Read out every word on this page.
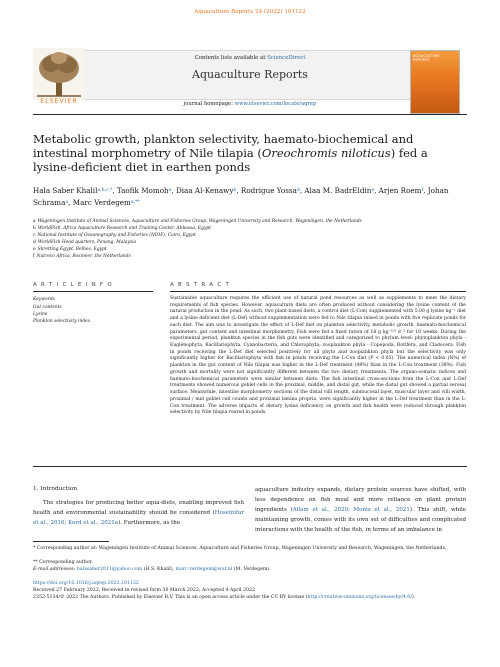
Aquaculture Reports 24 (2022) 101122
ELSEVIER
Contents lists available at ScienceDirect
Aquaculture Reports
journal homepage: www.elsevier.com/locate/aqrep
AQUACULTURE REPORTS
Metabolic growth, plankton selectivity, haemato-biochemical and intestinal morphometry of Nile tilapia (Oreochromis niloticus) fed a lysine-deficient diet in earthen ponds
Hala Saber Khalil$^{a,b,c,*}$, Taofik Momoh$^a$, Diaa Al-Kenawy$^b$, Rodrigue Yossa$^d$, Alaa M. BadrEldin$^e$, Arjen Roem$^f$, Johan Schrama$^a$, Marc Verdegem$^{a,**}$
a Wageningen Institute of Animal Sciences, Aquaculture and Fisheries Group, Wageningen University and Research, Wageningen, the Netherlands
b WorldFish, Africa Aquaculture Research and Training Center, Abbassa, Egypt
c National Institute of Oceanography and Fisheries (NIOF), Cairo, Egypt
d WorldFish Head quarters, Penang, Malaysia
e Skretting Egypt, Belbes, Egypt
f Nutreco Africa, Boxmeer, the Netherlands
A R T I C L E I N F O
Keywords
Gut contents
Lysine
Plankton selectivity index
A B S T R A C T
Sustainable aquaculture requires the efficient use of natural pond resources as well as supplements to meet the dietary requirements of fish species. However, aquaculture diets are often produced without considering the lysine content of the natural production in the pond. As such, two plant-based diets, a control diet (L-Con) supplemented with 5.00 g lysine kg⁻¹ diet and a lysine deficient diet (L-Def) without supplementation were fed to Nile tilapia raised in ponds with five replicate ponds for each diet. The aim was to investigate the effect of L-Def diet on plankton selectivity, metabolic growth, haemato-biochemical parameters, gut content and intestinal morphometry. Fish were fed a fixed ration of 18 g kg⁻⁰·⁸ d⁻¹ for 10 weeks. During the experimental period, plankton species in the fish guts were identified and categorized to phylum level: phytoplankton phyla - Euglenophyta, Bacillariophyta, Cyanobacteria, and Chlorophyta; zooplankton phyla - Copepoda, Rotifera, and Cladocera. Fish in ponds receiving the L-Def diet selected positively for all phyto and zooplankton phyla but the selectivity was only significantly higher for Bacillariophyta with fish in ponds receiving the L-Con diet (P < 0.05). The numerical index (N%) of plankton in the gut content of Nile tilapia was higher in the L-Def treatment (48%) than in the L-Con treatment (38%). Fish growth and mortality were not significantly different between the two dietary treatments. The organo-somatic indices and haemato-biochemical parameters were similar between diets. The fish intestinal cross-sections from the L-Con and L-Def treatments showed numerous goblet cells in the proximal, middle, and distal gut, while the distal gut showed a partial serosal surface. Meanwhile, intestine morphometry sections of the distal villi length, submucosal layer, muscular layer and villi width, proximal / mid goblet cell counts and proximal lamina propria, were significantly higher in the L-Def treatment than in the L-Con treatment. The adverse impacts of dietary lysine deficiency on growth and fish health were reduced through plankton selectivity by Nile tilapia reared in ponds.
1. Introduction
The strategies for producing better aqua-diets, enabling improved fish health and environmental sustainability should be considered (Hoseinifar et al., 2016; Kord et al., 2021a). Furthermore, as the
aquaculture industry expands, dietary protein sources have shifted, with less dependence on fish meal and more reliance on plant protein ingredients (Allam et al., 2020; Moniz et al., 2021). This shift, while maintaining growth, comes with its own set of difficulties and complicated interactions with the health of the fish, in terms of an imbalance in
* Corresponding author at: Wageningen Institute of Animal Sciences, Aquaculture and Fisheries Group, Wageningen University and Research, Wageningen, the Netherlands.
** Corresponding author.
E-mail addresses: halasaber2011@yahoo.com (H.S. Khalil), marc.verdegem@wur.nl (M. Verdegem).
https://doi.org/10.1016/j.aqrep.2022.101122
Received 27 February 2022; Received in revised form 30 March 2022; Accepted 4 April 2022
2352-5134/© 2022 The Authors. Published by Elsevier B.V. This is an open access article under the CC BY license (http://creativecommons.org/licenses/by/4.0/).
